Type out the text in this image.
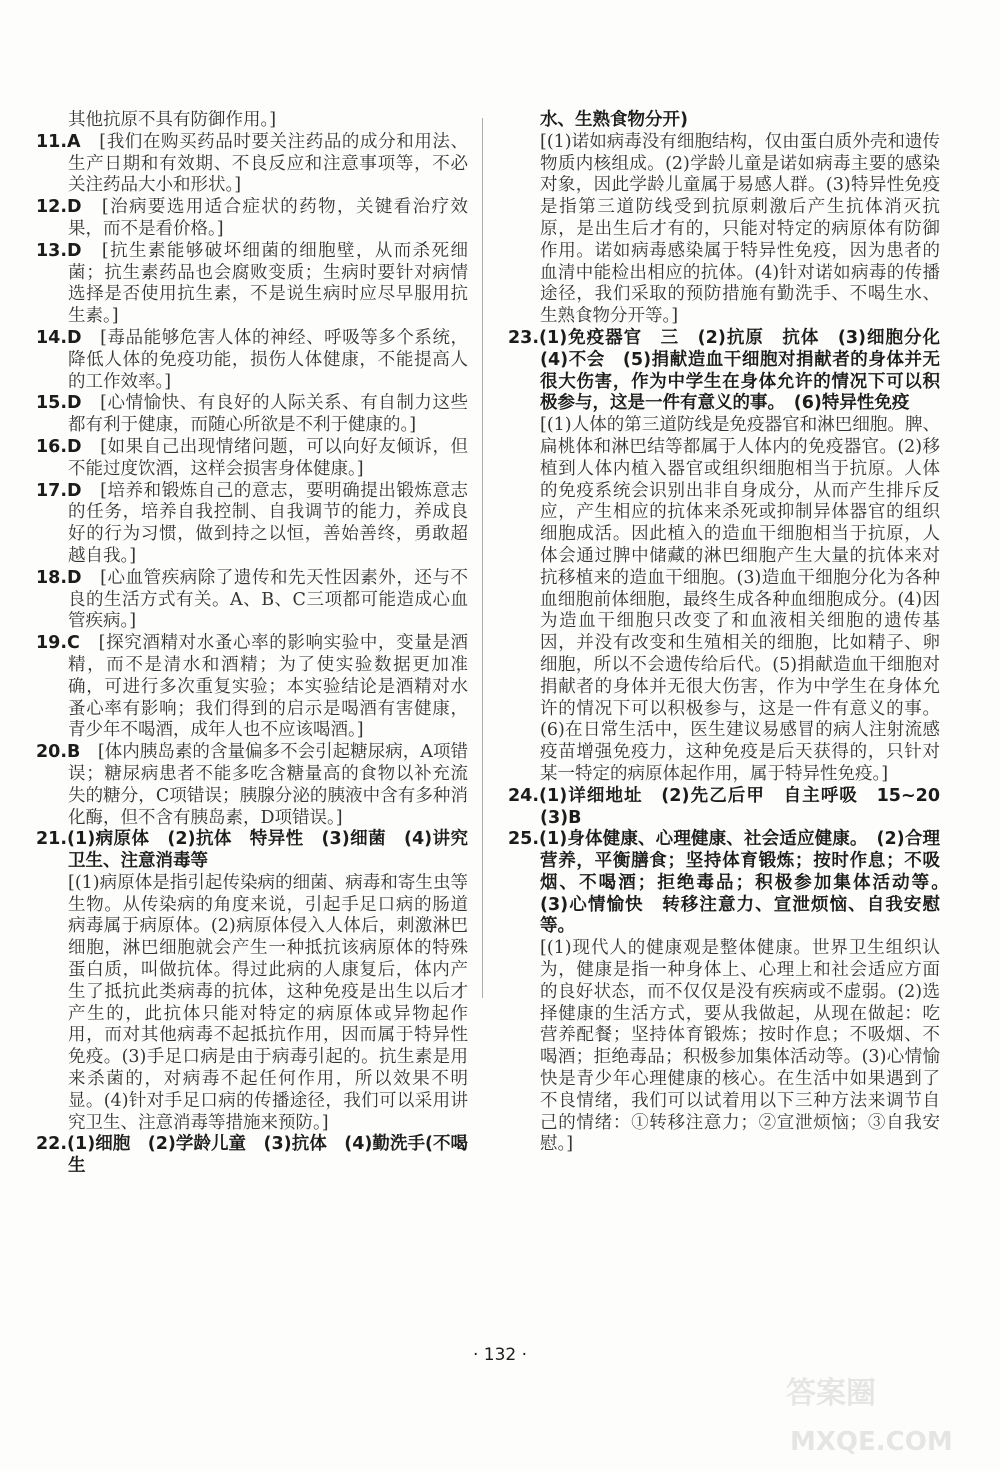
其他抗原不具有防御作用。]

11.A　 [我们在购买药品时要关注药品的成分和用法、生产日期和有效期、不良反应和注意事项等，不必关注药品大小和形状。]

12.D　 [治病要选用适合症状的药物，关键看治疗效果，而不是看价格。]

13.D　 [抗生素能够破坏细菌的细胞壁，从而杀死细菌；抗生素药品也会腐败变质；生病时要针对病情选择是否使用抗生素，不是说生病时应尽早服用抗生素。]

14.D　 [毒品能够危害人体的神经、呼吸等多个系统，降低人体的免疫功能，损伤人体健康，不能提高人的工作效率。]

15.D　 [心情愉快、有良好的人际关系、有自制力这些都有利于健康，而随心所欲是不利于健康的。]

16.D　 [如果自己出现情绪问题，可以向好友倾诉，但不能过度饮酒，这样会损害身体健康。]

17.D　 [培养和锻炼自己的意志，要明确提出锻炼意志的任务，培养自我控制、自我调节的能力，养成良好的行为习惯，做到持之以恒，善始善终，勇敢超越自我。]

18.D　 [心血管疾病除了遗传和先天性因素外，还与不良的生活方式有关。A、B、C三项都可能造成心血管疾病。]

19.C　 [探究酒精对水蚤心率的影响实验中，变量是酒精，而不是清水和酒精；为了使实验数据更加准确，可进行多次重复实验；本实验结论是酒精对水蚤心率有影响；我们得到的启示是喝酒有害健康，青少年不喝酒，成年人也不应该喝酒。]

20.B　 [体内胰岛素的含量偏多不会引起糖尿病，A项错误；糖尿病患者不能多吃含糖量高的食物以补充流失的糖分，C项错误；胰腺分泌的胰液中含有多种消化酶，但不含有胰岛素，D项错误。]

21.(1)病原体　(2)抗体　特异性　(3)细菌　(4)讲究卫生、注意消毒等

[(1)病原体是指引起传染病的细菌、病毒和寄生虫等生物。从传染病的角度来说，引起手足口病的肠道病毒属于病原体。(2)病原体侵入人体后，刺激淋巴细胞，淋巴细胞就会产生一种抵抗该病原体的特殊蛋白质，叫做抗体。得过此病的人康复后，体内产生了抵抗此类病毒的抗体，这种免疫是出生以后才产生的，此抗体只能对特定的病原体或异物起作用，而对其他病毒不起抵抗作用，因而属于特异性免疫。(3)手足口病是由于病毒引起的。抗生素是用来杀菌的，对病毒不起任何作用，所以效果不明显。(4)针对手足口病的传播途径，我们可以采用讲究卫生、注意消毒等措施来预防。]

22.(1)细胞　(2)学龄儿童　(3)抗体　(4)勤洗手(不喝生

水、生熟食物分开)

[(1)诺如病毒没有细胞结构，仅由蛋白质外壳和遗传物质内核组成。(2)学龄儿童是诺如病毒主要的感染对象，因此学龄儿童属于易感人群。(3)特异性免疫是指第三道防线受到抗原刺激后产生抗体消灭抗原，是出生后才有的，只能对特定的病原体有防御作用。诺如病毒感染属于特异性免疫，因为患者的血清中能检出相应的抗体。(4)针对诺如病毒的传播途径，我们采取的预防措施有勤洗手、不喝生水、生熟食物分开等。]

23.(1)免疫器官　三　(2)抗原　抗体　(3)细胞分化　(4)不会　(5)捐献造血干细胞对捐献者的身体并无很大伤害，作为中学生在身体允许的情况下可以积极参与，这是一件有意义的事。　(6)特异性免疫

[(1)人体的第三道防线是免疫器官和淋巴细胞。脾、扁桃体和淋巴结等都属于人体内的免疫器官。(2)移植到人体内植入器官或组织细胞相当于抗原。人体的免疫系统会识别出非自身成分，从而产生排斥反应，产生相应的抗体来杀死或抑制异体器官的组织细胞成活。因此植入的造血干细胞相当于抗原，人体会通过脾中储藏的淋巴细胞产生大量的抗体来对抗移植来的造血干细胞。(3)造血干细胞分化为各种血细胞前体细胞，最终生成各种血细胞成分。(4)因为造血干细胞只改变了和血液相关细胞的遗传基因，并没有改变和生殖相关的细胞，比如精子、卵细胞，所以不会遗传给后代。(5)捐献造血干细胞对捐献者的身体并无很大伤害，作为中学生在身体允许的情况下可以积极参与，这是一件有意义的事。(6)在日常生活中，医生建议易感冒的病人注射流感疫苗增强免疫力，这种免疫是后天获得的，只针对某一特定的病原体起作用，属于特异性免疫。]

24.(1)详细地址　(2)先乙后甲　自主呼吸　15~20　(3)B

25.(1)身体健康、心理健康、社会适应健康。　(2)合理营养，平衡膳食；坚持体育锻炼；按时作息；不吸烟、不喝酒；拒绝毒品；积极参加集体活动等。　(3)心情愉快　转移注意力、宣泄烦恼、自我安慰等。

[(1)现代人的健康观是整体健康。世界卫生组织认为，健康是指一种身体上、心理上和社会适应方面的良好状态，而不仅仅是没有疾病或不虚弱。(2)选择健康的生活方式，要从我做起，从现在做起：吃营养配餐；坚持体育锻炼；按时作息；不吸烟、不喝酒；拒绝毒品；积极参加集体活动等。(3)心情愉快是青少年心理健康的核心。在生活中如果遇到了不良情绪，我们可以试着用以下三种方法来调节自己的情绪：①转移注意力；②宣泄烦恼；③自我安慰。]

· 132 ·
答案圈
MXQE.COM
